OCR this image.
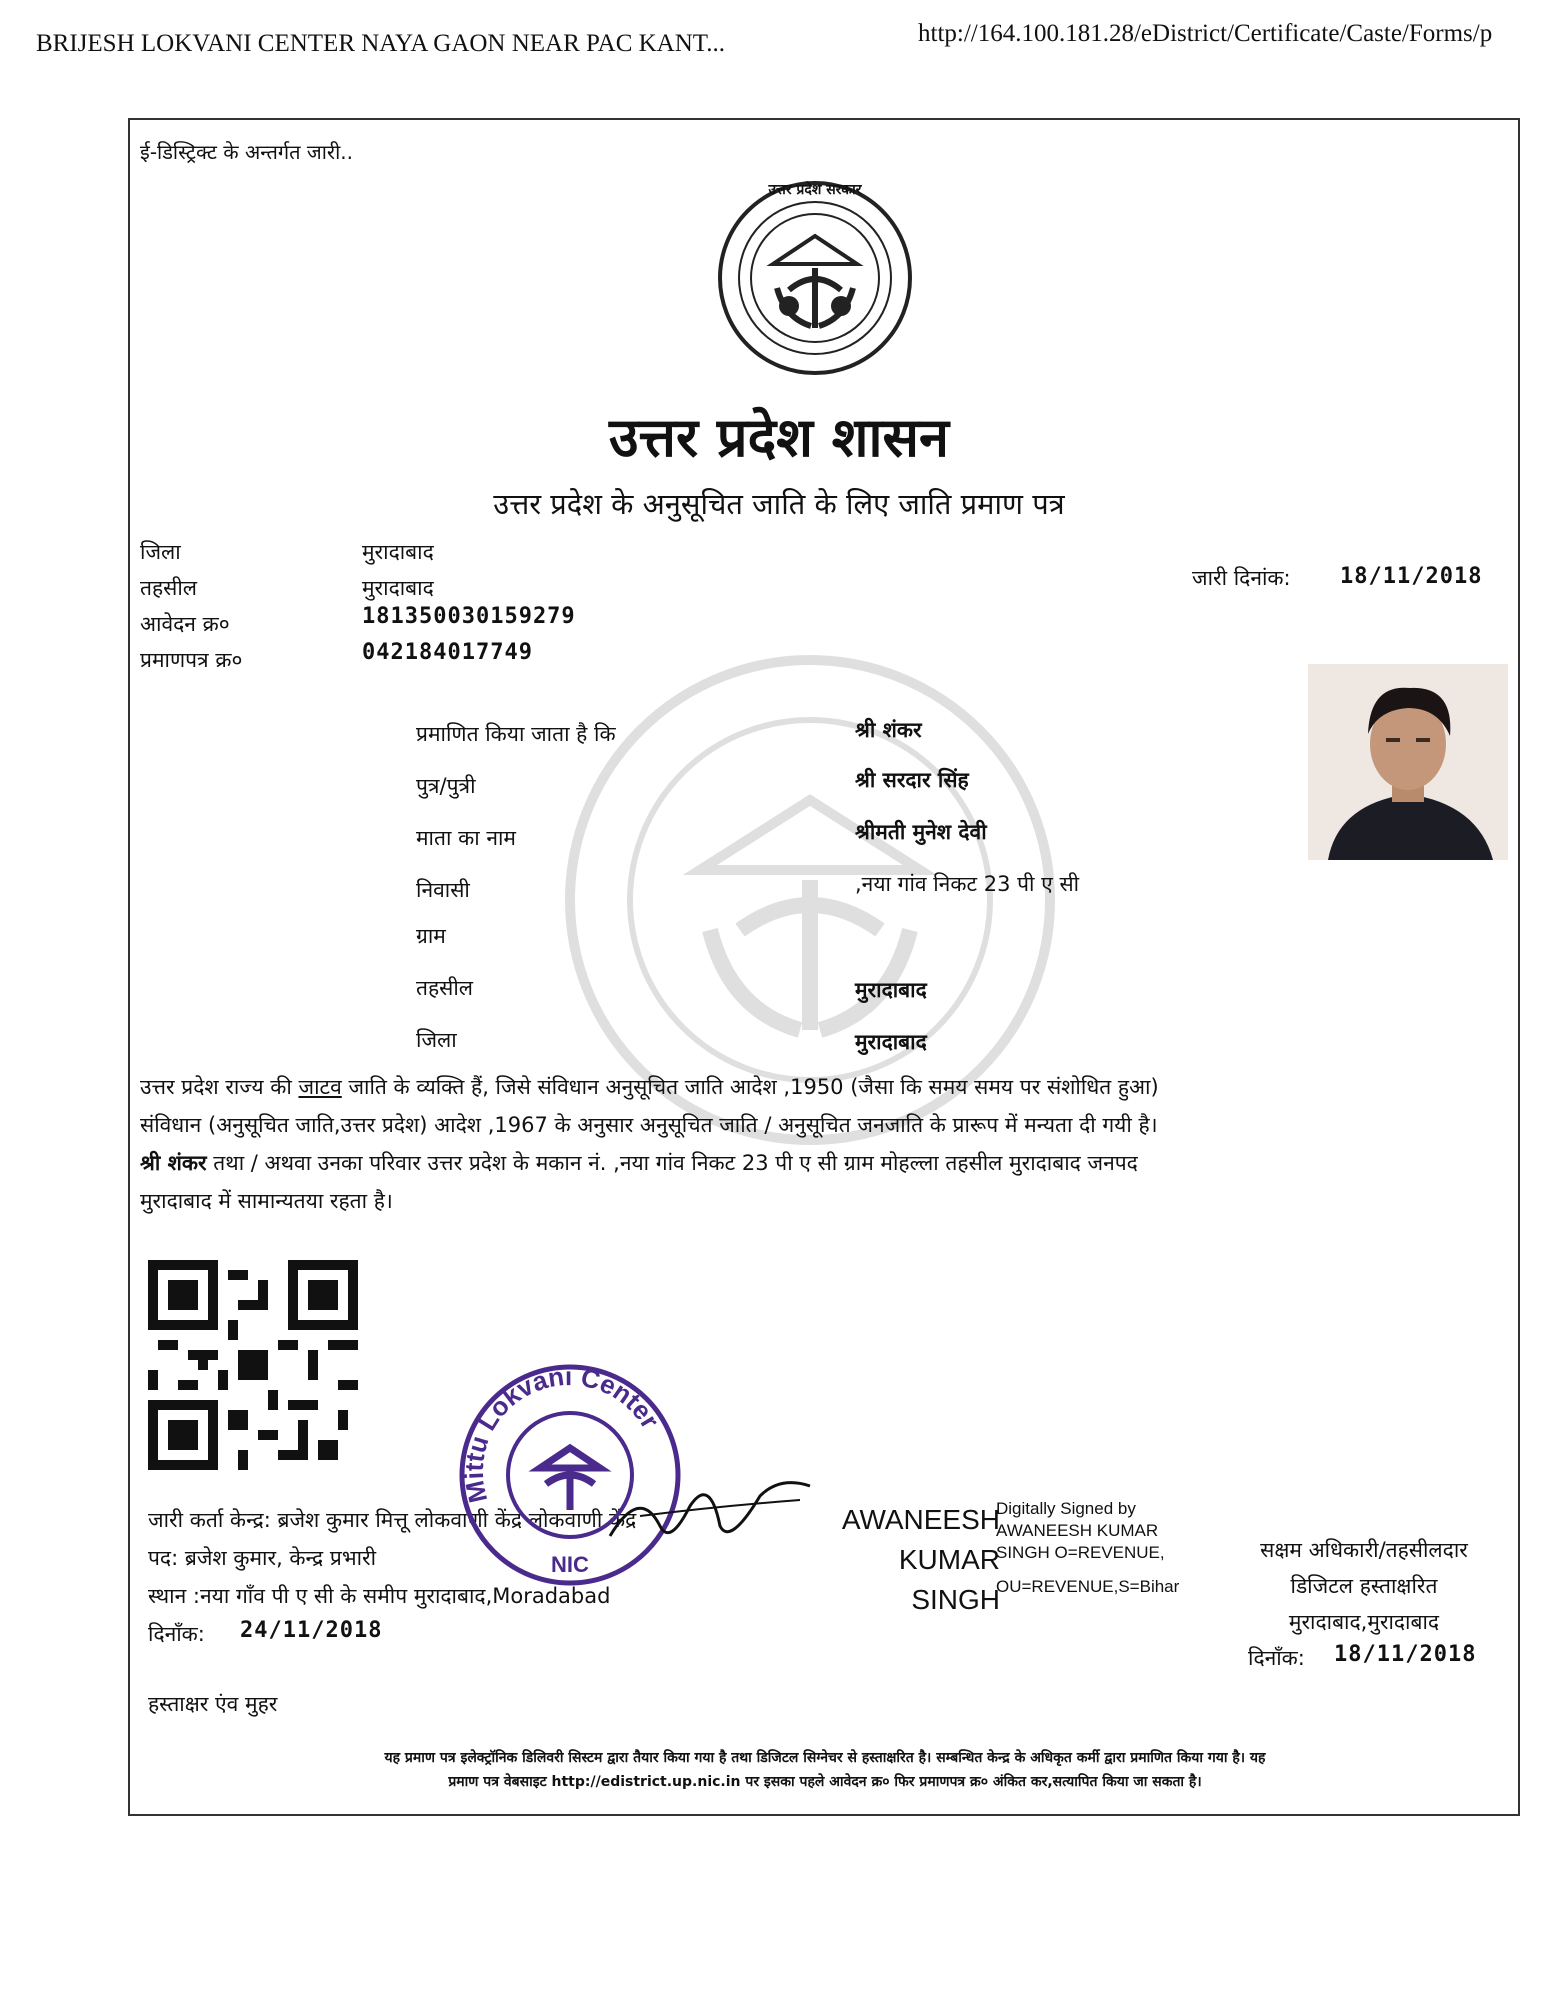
BRIJESH LOKVANI CENTER NAYA GAON NEAR PAC KANT...	http://164.100.181.28/eDistrict/Certificate/Caste/Forms/p
ई-डिस्ट्रिक्ट के अन्तर्गत जारी..
उत्तर प्रदेश सरकार
उत्तर प्रदेश शासन
उत्तर प्रदेश के अनुसूचित जाति के लिए जाति प्रमाण पत्र
जिला	मुरादाबाद
तहसील	मुरादाबाद
आवेदन क्र०	181350030159279
प्रमाणपत्र क्र०	042184017749
जारी दिनांक: 18/11/2018
प्रमाणित किया जाता है कि	श्री शंकर
पुत्र/पुत्री	श्री सरदार सिंह
माता का नाम	श्रीमती मुनेश देवी
निवासी	,नया गांव निकट 23 पी ए सी
ग्राम
तहसील	मुरादाबाद
जिला	मुरादाबाद
उत्तर प्रदेश राज्य की जाटव जाति के व्यक्ति हैं, जिसे संविधान अनुसूचित जाति आदेश ,1950 (जैसा कि समय समय पर संशोधित हुआ)
संविधान (अनुसूचित जाति,उत्तर प्रदेश) आदेश ,1967 के अनुसार अनुसूचित जाति / अनुसूचित जनजाति के प्रारूप में मन्यता दी गयी है।
श्री शंकर तथा / अथवा उनका परिवार उत्तर प्रदेश के मकान नं. ,नया गांव निकट 23 पी ए सी ग्राम मोहल्ला तहसील मुरादाबाद जनपद
मुरादाबाद में सामान्यतया रहता है।
जारी कर्ता केन्द्र: ब्रजेश कुमार मित्तू लोकवाणी केंद्र लोकवाणी केंद्र
पद: ब्रजेश कुमार, केन्द्र प्रभारी
स्थान :नया गाँव पी ए सी के समीप मुरादाबाद,Moradabad
दिनाँक: 24/11/2018
Mittu Lokvani Center
NIC
AWANEESH
KUMAR
SINGH
Digitally Signed by
AWANEESH KUMAR
SINGH O=REVENUE,
OU=REVENUE,S=Bihar
सक्षम अधिकारी/तहसीलदार
डिजिटल हस्ताक्षरित
मुरादाबाद,मुरादाबाद
दिनाँक: 18/11/2018
हस्ताक्षर एंव मुहर
यह प्रमाण पत्र इलेक्ट्रॉनिक डिलिवरी सिस्टम द्वारा तैयार किया गया है तथा डिजिटल सिग्नेचर से हस्ताक्षरित है। सम्बन्धित केन्द्र के अधिकृत कर्मी द्वारा प्रमाणित किया गया है। यह
प्रमाण पत्र वेबसाइट http://edistrict.up.nic.in पर इसका पहले आवेदन क्र० फिर प्रमाणपत्र क्र० अंकित कर,सत्यापित किया जा सकता है।
